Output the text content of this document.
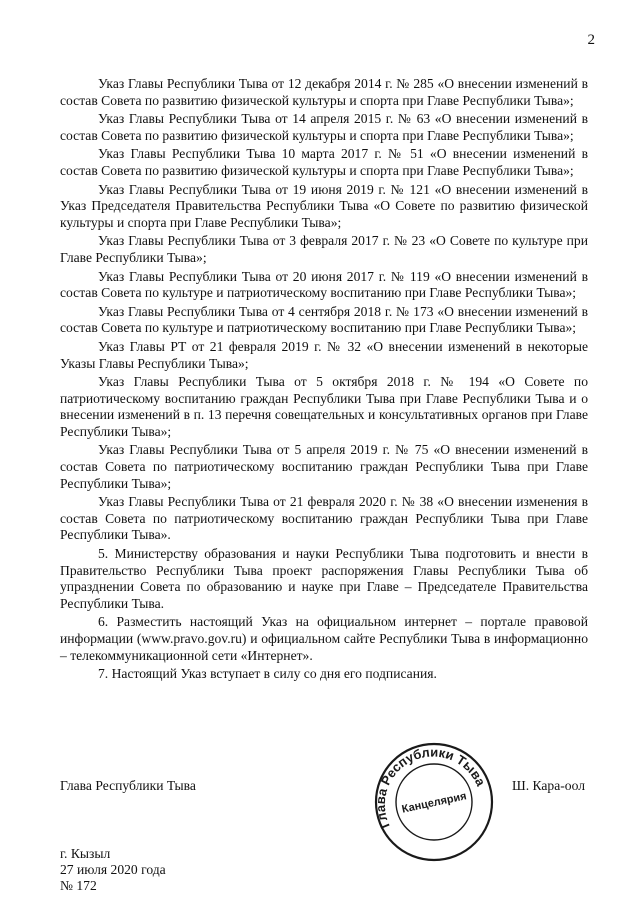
2

Указ Главы Республики Тыва от 12 декабря 2014 г. № 285 «О внесении изменений в состав Совета по развитию физической культуры и спорта при Главе Республики Тыва»;

Указ Главы Республики Тыва от 14 апреля 2015 г. № 63 «О внесении изменений в состав Совета по развитию физической культуры и спорта при Главе Республики Тыва»;

Указ Главы Республики Тыва 10 марта 2017 г. № 51 «О внесении изменений в состав Совета по развитию физической культуры и спорта при Главе Республики Тыва»;

Указ Главы Республики Тыва от 19 июня 2019 г. № 121 «О внесении изменений в Указ Председателя Правительства Республики Тыва «О Совете по развитию физической культуры и спорта при Главе Республики Тыва»;

Указ Главы Республики Тыва от 3 февраля 2017 г. № 23 «О Совете по культуре при Главе Республики Тыва»;

Указ Главы Республики Тыва от 20 июня 2017 г. № 119 «О внесении изменений в состав Совета по культуре и патриотическому воспитанию при Главе Республики Тыва»;

Указ Главы Республики Тыва от 4 сентября 2018 г. № 173 «О внесении изменений в состав Совета по культуре и патриотическому воспитанию при Главе Республики Тыва»;

Указ Главы РТ от 21 февраля 2019 г. № 32 «О внесении изменений в некоторые Указы Главы Республики Тыва»;

Указ Главы Республики Тыва от 5 октября 2018 г. № 194 «О Совете по патриотическому воспитанию граждан Республики Тыва при Главе Республики Тыва и о внесении изменений в п. 13 перечня совещательных и консультативных органов при Главе Республики Тыва»;

Указ Главы Республики Тыва от 5 апреля 2019 г. № 75 «О внесении изменений в состав Совета по патриотическому воспитанию граждан Республики Тыва при Главе Республики Тыва»;

Указ Главы Республики Тыва от 21 февраля 2020 г. № 38 «О внесении изменения в состав Совета по патриотическому воспитанию граждан Республики Тыва при Главе Республики Тыва».

5. Министерству образования и науки Республики Тыва подготовить и внести в Правительство Республики Тыва проект распоряжения Главы Республики Тыва об упразднении Совета по образованию и науке при Главе – Председателе Правительства Республики Тыва.

6. Разместить настоящий Указ на официальном интернет – портале правовой информации (www.pravo.gov.ru) и официальном сайте Республики Тыва в информационно – телекоммуникационной сети «Интернет».

7. Настоящий Указ вступает в силу со дня его подписания.

Глава Республики Тыва
Глава Республики Тыва
Канцелярия
Ш. Кара-оол
г. Кызыл
27 июля 2020 года
№ 172
